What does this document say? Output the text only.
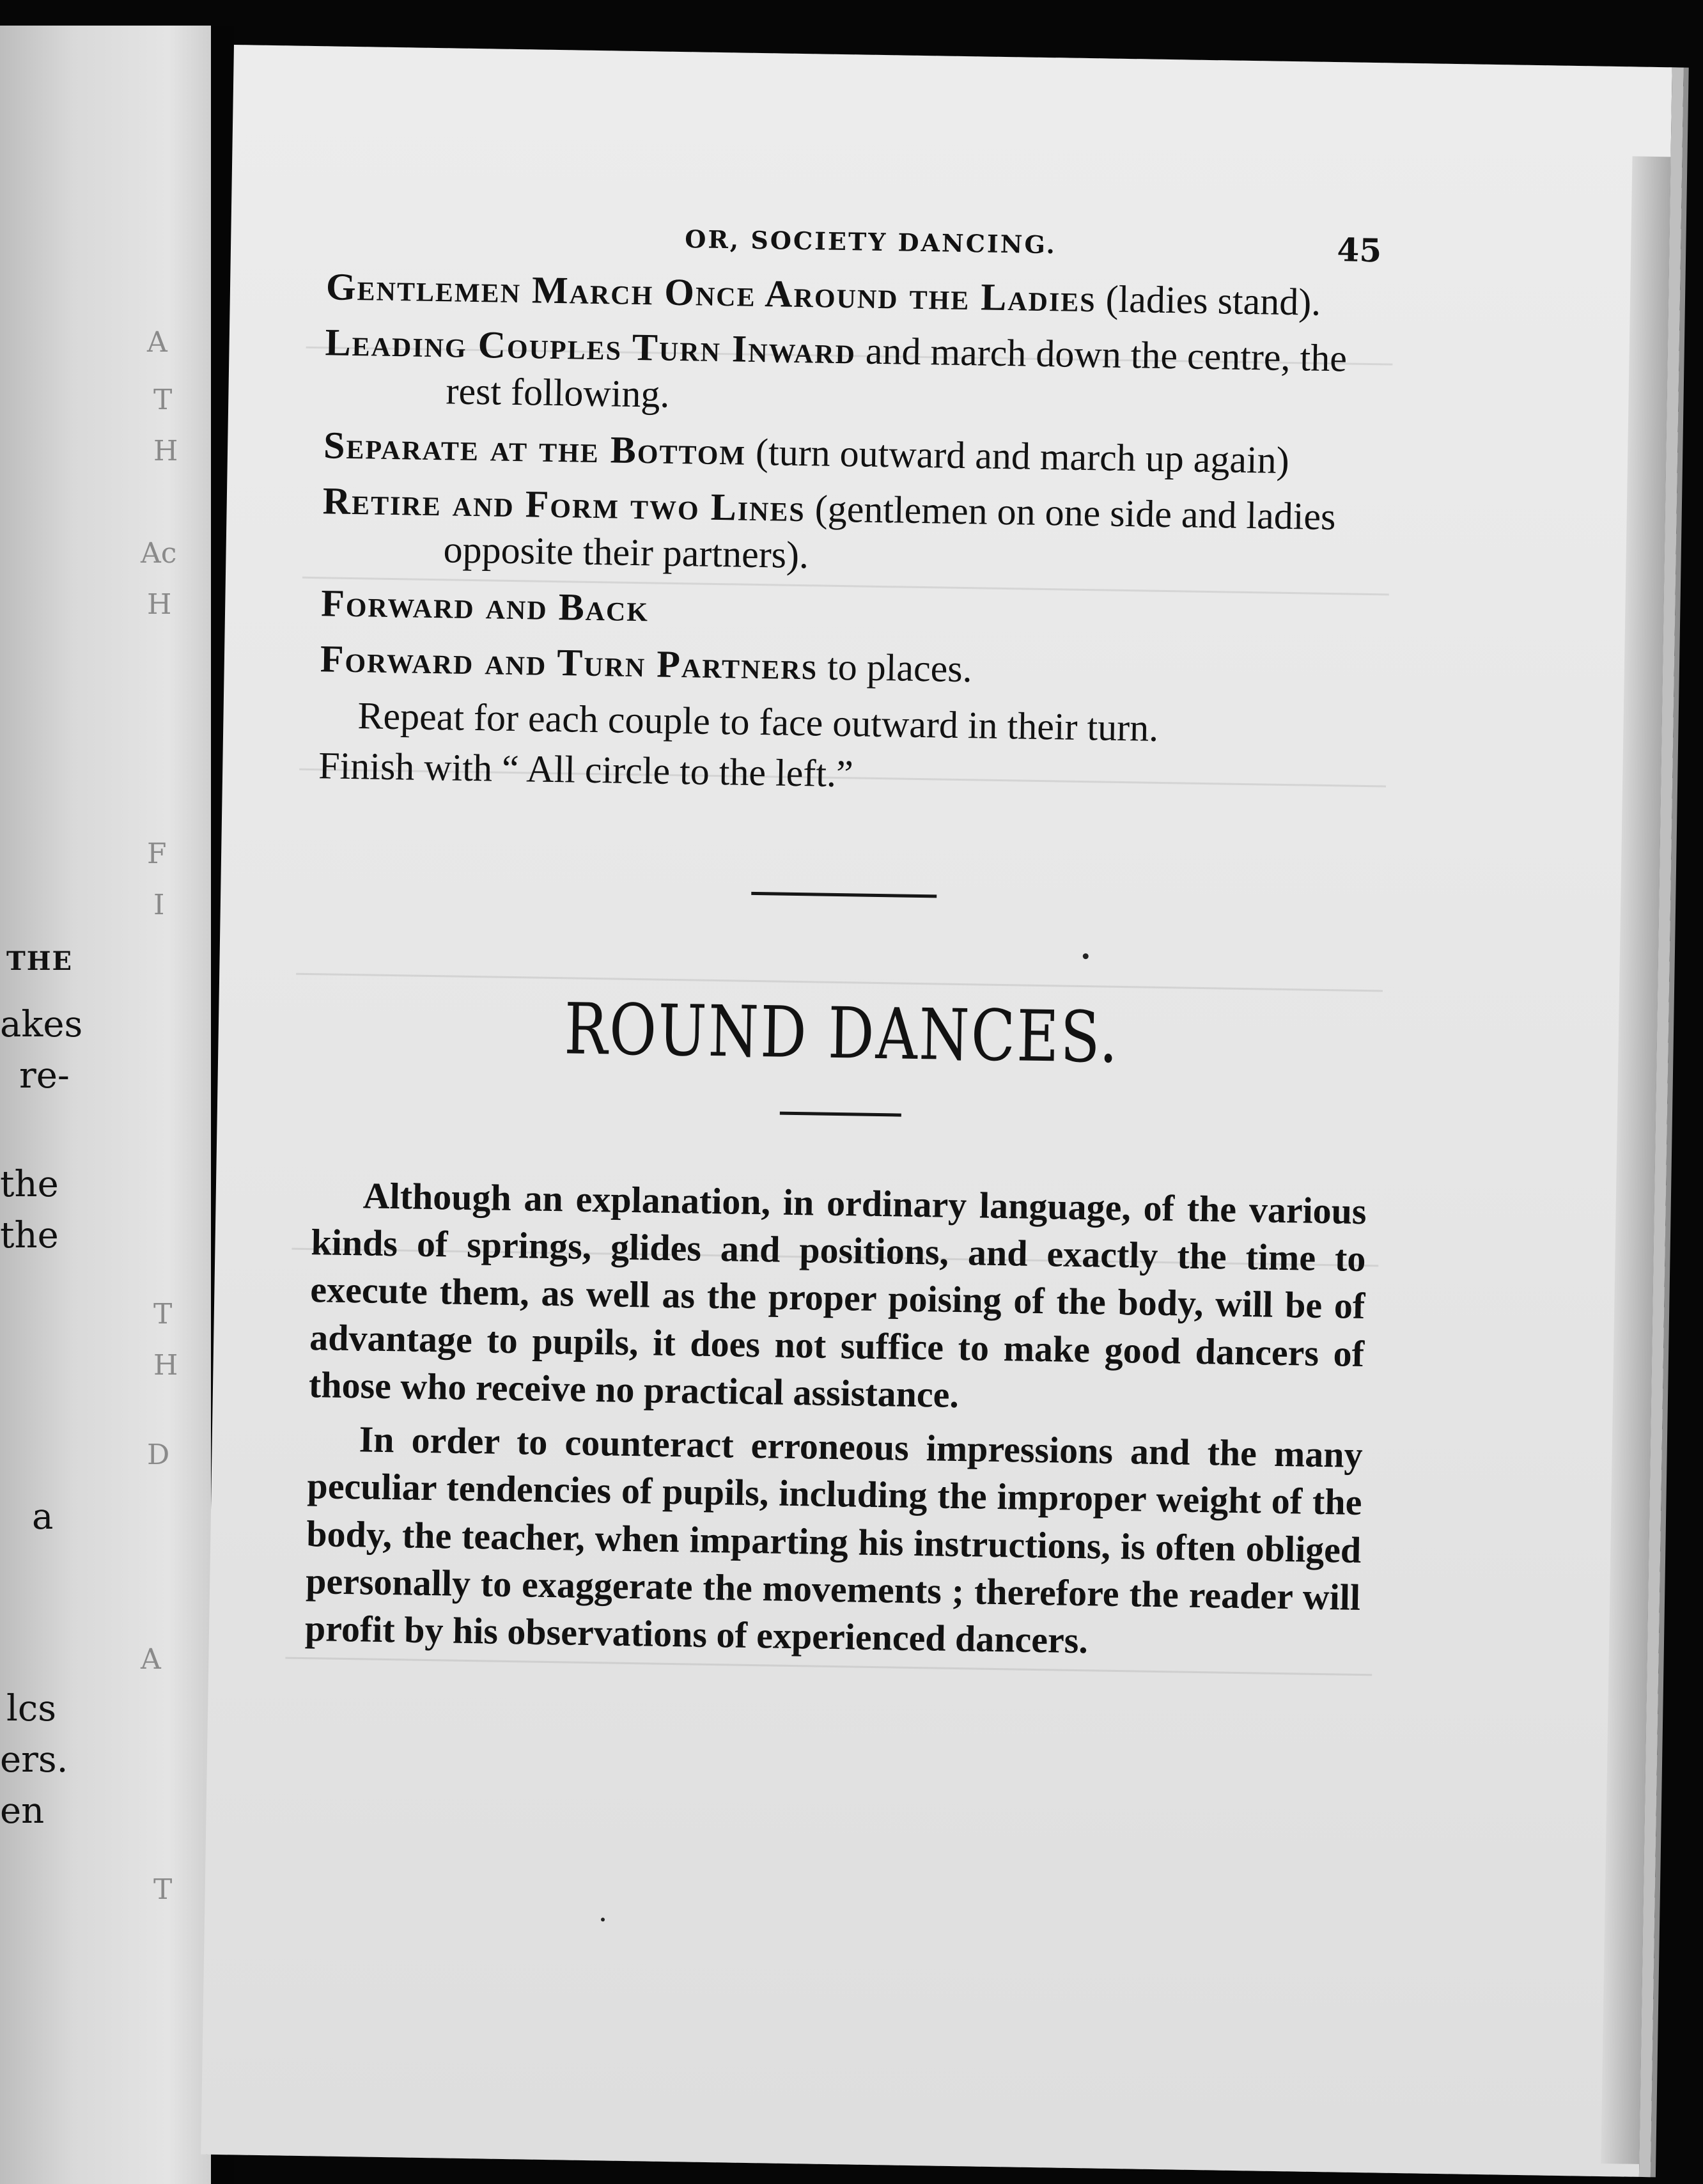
THE
akes
re-
the
the
a
lcs
ers.
en
A
T
H
Ac
H
F
I
T
H
D
A
T
OR, SOCIETY DANCING.	45

Gentlemen March Once Around the Ladies (ladies stand).

Leading Couples Turn Inward and march down the centre, the rest following.

Separate at the Bottom (turn outward and march up again)

Retire and Form two Lines (gentlemen on one side and ladies opposite their partners).

Forward and Back

Forward and Turn Partners to places.

Repeat for each couple to face outward in their turn.

Finish with “ All circle to the left.”

ROUND DANCES.

Although an explanation, in ordinary language, of the various kinds of springs, glides and positions, and exactly the time to execute them, as well as the proper poising of the body, will be of advantage to pupils, it does not suffice to make good dancers of those who receive no practical assistance.

In order to counteract erroneous impressions and the many peculiar tendencies of pupils, including the improper weight of the body, the teacher, when imparting his instructions, is often obliged personally to exaggerate the movements ; therefore the reader will profit by his observations of experienced dancers.
